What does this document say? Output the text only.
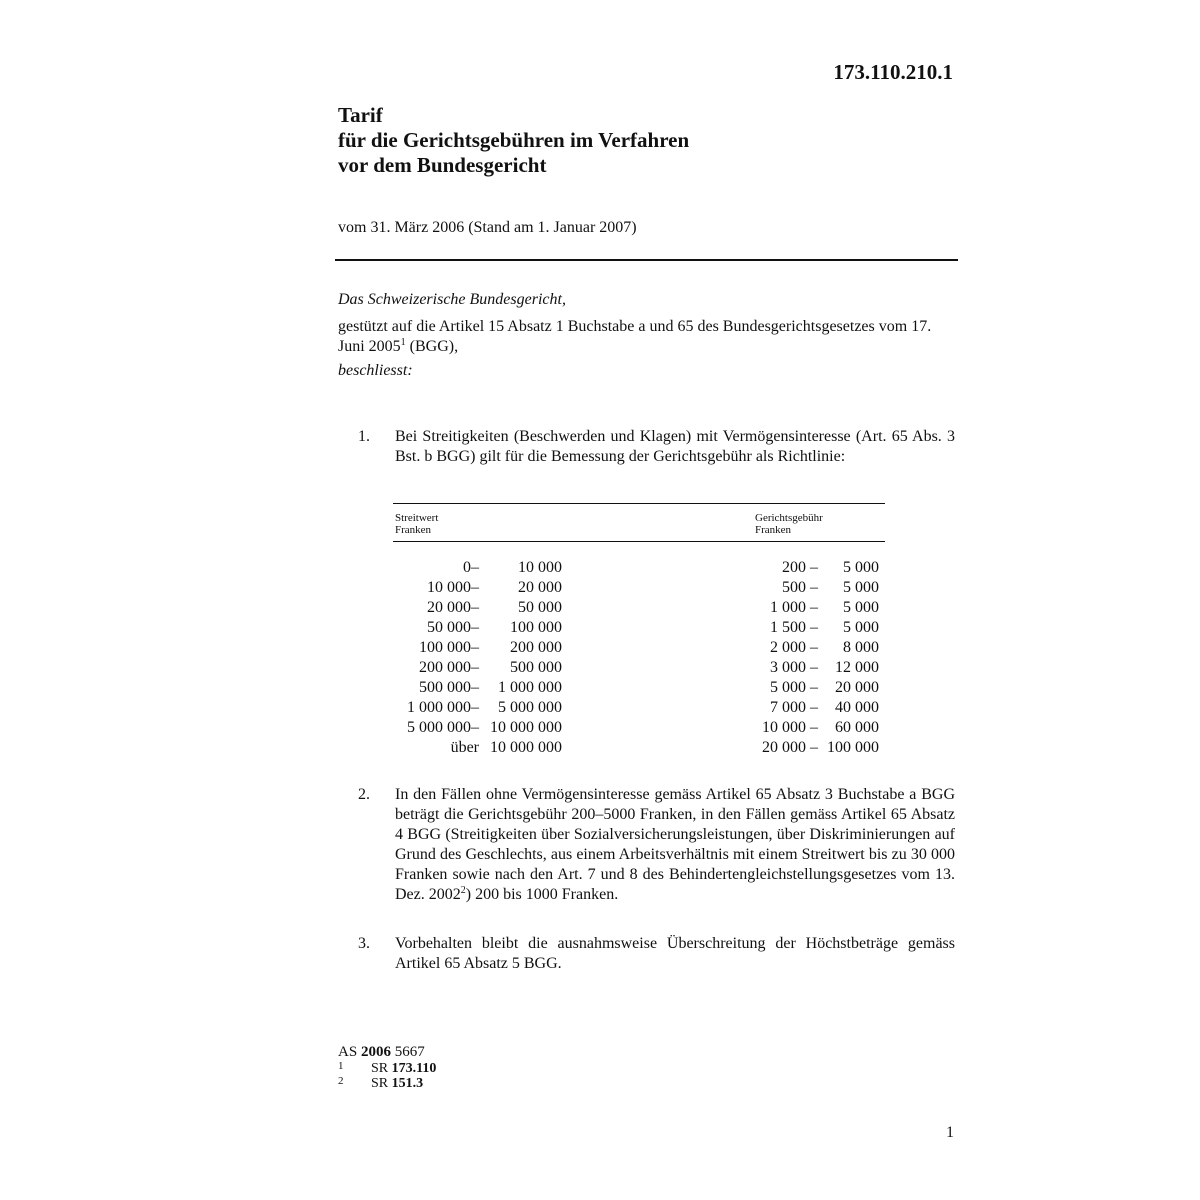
173.110.210.1
Tarif
für die Gerichtsgebühren im Verfahren
vor dem Bundesgericht
vom 31. März 2006 (Stand am 1. Januar 2007)
Das Schweizerische Bundesgericht,
gestützt auf die Artikel 15 Absatz 1 Buchstabe a und 65 des Bundesgerichtsgesetzes vom 17. Juni 2005$^1$ (BGG),
beschliesst:
1. Bei Streitigkeiten (Beschwerden und Klagen) mit Vermögensinteresse (Art. 65 Abs. 3 Bst. b BGG) gilt für die Bemessung der Gerichtsgebühr als Richtlinie:
Streitwert
Franken
Gerichtsgebühr
Franken
0–	10 000	200 – 5 000
10 000–	20 000	500 – 5 000
20 000–	50 000	1 000 – 5 000
50 000–	100 000	1 500 – 5 000
100 000–	200 000	2 000 – 8 000
200 000–	500 000	3 000 – 12 000
500 000–	1 000 000	5 000 – 20 000
1 000 000–	5 000 000	7 000 – 40 000
5 000 000– 10 000 000	10 000 – 60 000
über 10 000 000	20 000 – 100 000
2. In den Fällen ohne Vermögensinteresse gemäss Artikel 65 Absatz 3 Buchstabe a BGG beträgt die Gerichtsgebühr 200–5000 Franken, in den Fällen gemäss Artikel 65 Absatz 4 BGG (Streitigkeiten über Sozialversicherungsleistungen, über Diskriminierungen auf Grund des Geschlechts, aus einem Arbeitsverhältnis mit einem Streitwert bis zu 30 000 Franken sowie nach den Art. 7 und 8 des Behindertengleichstellungsgesetzes vom 13. Dez. 2002$^2$) 200 bis 1000 Franken.
3. Vorbehalten bleibt die ausnahmsweise Überschreitung der Höchstbeträge gemäss Artikel 65 Absatz 5 BGG.
AS 2006 5667
1 SR 173.110
2 SR 151.3
1
